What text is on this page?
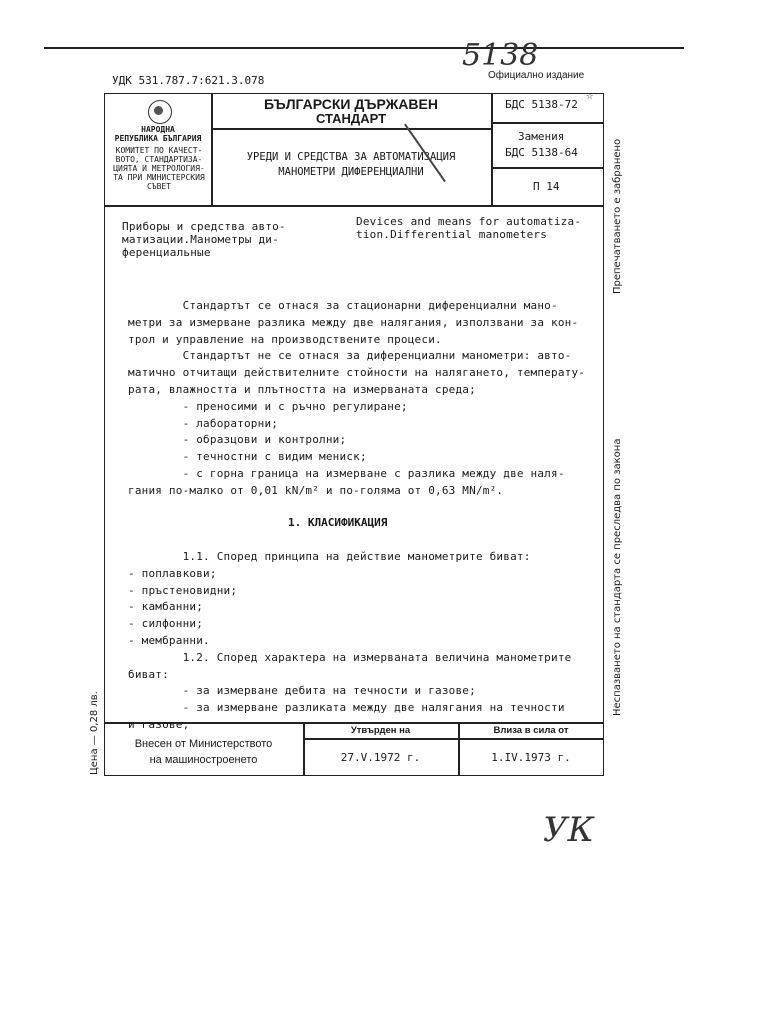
5138
УДК 531.787.7:621.3.078	Официално издание
НАРОДНА
РЕПУБЛИКА БЪЛГАРИЯ
КОМИТЕТ ПО КАЧЕСТ-ВОТО, СТАНДАРТИЗА-ЦИЯТА И МЕТРОЛОГИЯ-ТА ПРИ МИНИСТЕРСКИЯ СЪВЕТ
БЪЛГАРСКИ ДЪРЖАВЕН
СТАНДАРТ
УРЕДИ И СРЕДСТВА ЗА АВТОМАТИЗАЦИЯ
МАНОМЕТРИ ДИФЕРЕНЦИАЛНИ
БДС 5138-72
☆
Замения
БДС 5138-64
П 14
Приборы и средства авто-
матизации.Манометры ди-
ференциальные
Devices and means for automatiza-
tion.Differential manometers
Стандартът се отнася за стационарни диференциални мано-
метри за измерване разлика между две налягания, използвани за кон-
трол и управление на производствените процеси.
Стандартът не се отнася за диференциални манометри: авто-
матично отчитащи действителните стойности на налягането, температу-
рата, влажността и плътността на измерваната среда;
- преносими и с ръчно регулиране;
- лабораторни;
- образцови и контролни;
- течностни с видим мениск;
- с горна граница на измерване с разлика между две наля-
гания по-малко от 0,01 kN/m² и по-голяма от 0,63 MN/m².
1. КЛАСИФИКАЦИЯ
1.1. Според принципа на действие манометрите биват:
- поплавкови;
- пръстеновидни;
- камбанни;
- силфонни;
- мембранни.
1.2. Според характера на измерваната величина манометрите
биват:
- за измерване дебита на течности и газове;
- за измерване разликата между две налягания на течности
и газове;
Внесен от Министерството
на машиностроенето
Утвърден на
27.V.1972 г.
Влиза в сила от
1.IV.1973 г.
Цена — 0,28 лв.
Препечатването е забранено
Неспазването на стандарта се преследва по закона
УК
